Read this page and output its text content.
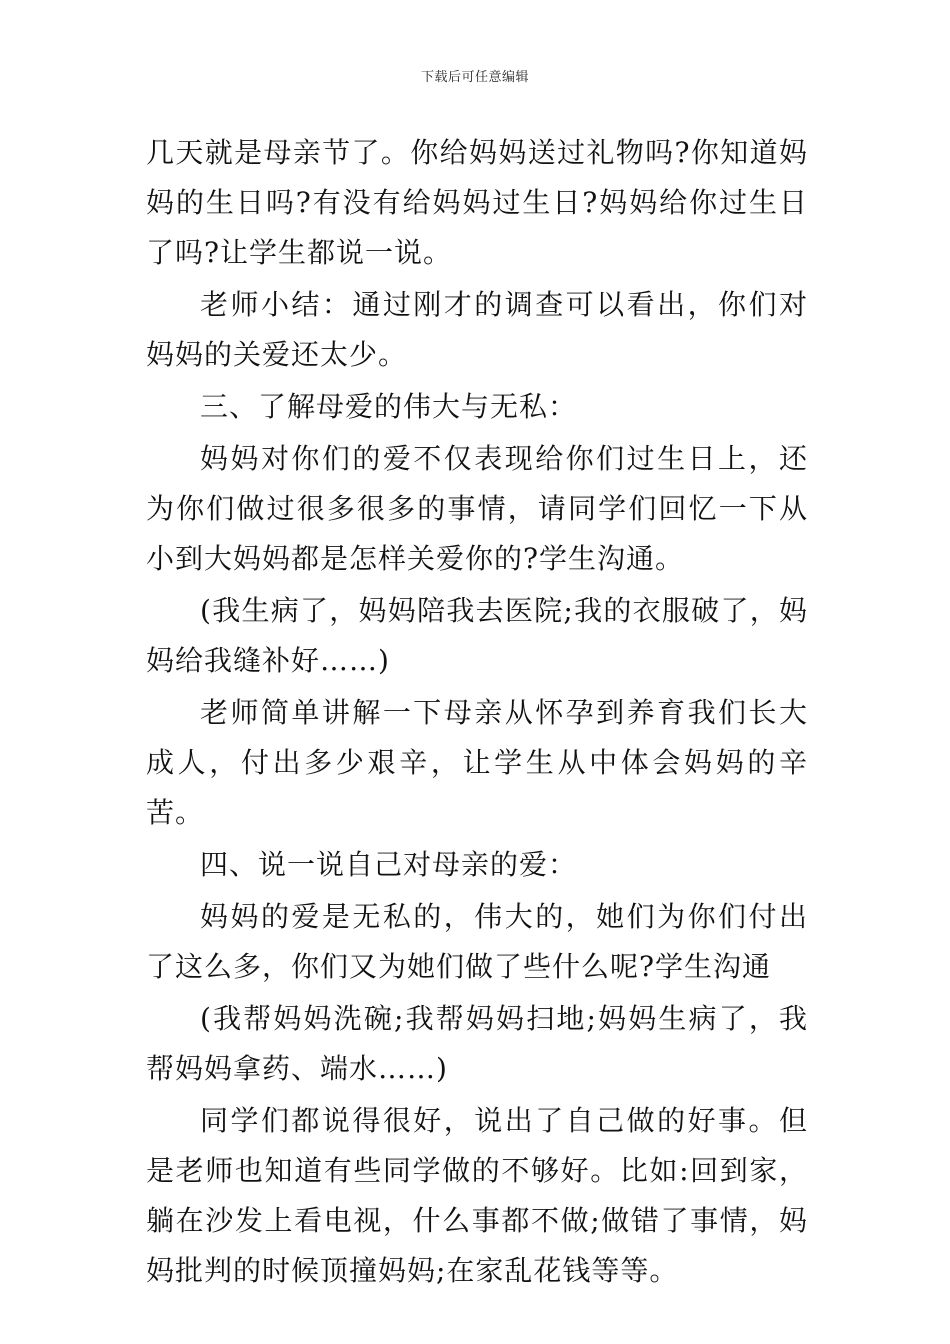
下载后可任意编辑

几天就是母亲节了。你给妈妈送过礼物吗?你知道妈妈的生日吗?有没有给妈妈过生日?妈妈给你过生日了吗?让学生都说一说。

老师小结：通过刚才的调查可以看出，你们对妈妈的关爱还太少。

三、了解母爱的伟大与无私：

妈妈对你们的爱不仅表现给你们过生日上，还为你们做过很多很多的事情，请同学们回忆一下从小到大妈妈都是怎样关爱你的?学生沟通。

(我生病了，妈妈陪我去医院;我的衣服破了，妈妈给我缝补好……)

老师简单讲解一下母亲从怀孕到养育我们长大成人，付出多少艰辛，让学生从中体会妈妈的辛苦。

四、说一说自己对母亲的爱：

妈妈的爱是无私的，伟大的，她们为你们付出了这么多，你们又为她们做了些什么呢?学生沟通

(我帮妈妈洗碗;我帮妈妈扫地;妈妈生病了，我帮妈妈拿药、端水……)

同学们都说得很好，说出了自己做的好事。但是老师也知道有些同学做的不够好。比如:回到家，躺在沙发上看电视，什么事都不做;做错了事情，妈妈批判的时候顶撞妈妈;在家乱花钱等等。
